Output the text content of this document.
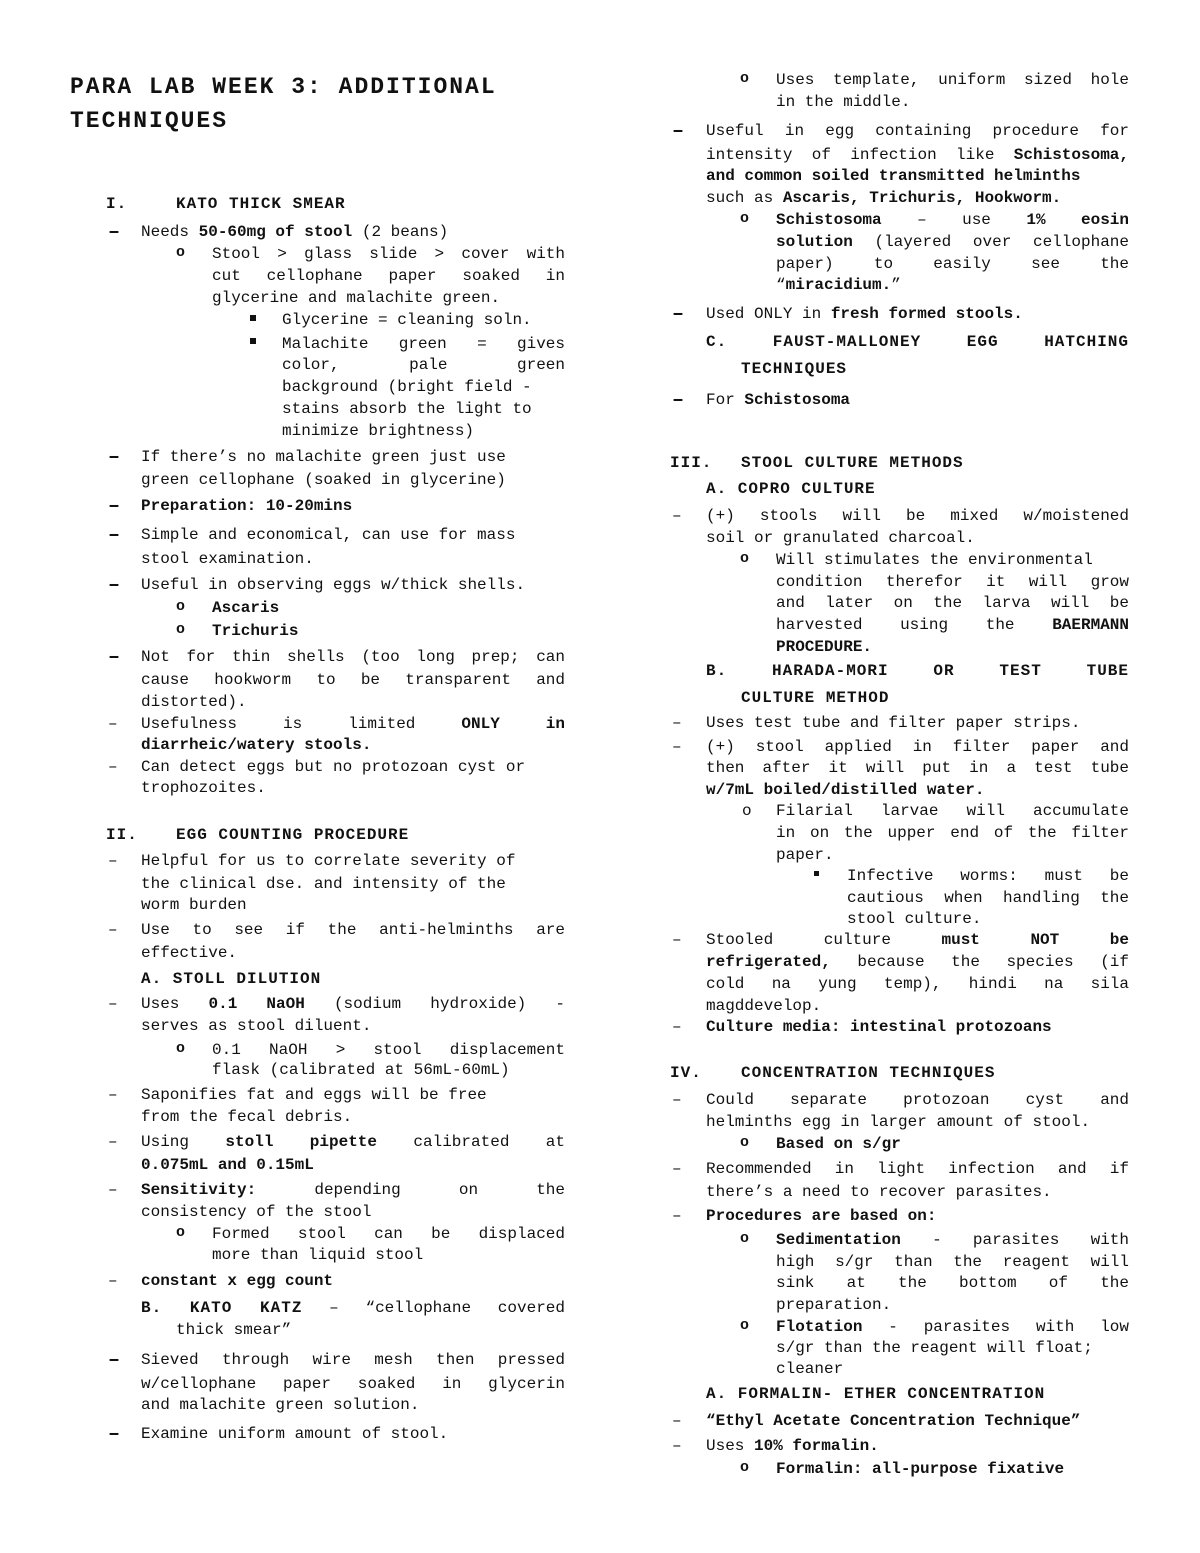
PARA LAB WEEK 3: ADDITIONAL
TECHNIQUES
I.	KATO THICK SMEAR
– Needs 50-60mg of stool (2 beans)
o Stool > glass slide > cover with
cut cellophane paper soaked in
glycerine and malachite green.
Glycerine = cleaning soln.
Malachite green = gives
color, pale green
background (bright field -
stains absorb the light to
minimize brightness)
– If there’s no malachite green just use
green cellophane (soaked in glycerine)
– Preparation: 10-20mins
– Simple and economical, can use for mass
stool examination.
– Useful in observing eggs w/thick shells.
o Ascaris
o Trichuris
– Not for thin shells (too long prep; can
cause hookworm to be transparent and
distorted).
– Usefulness is limited ONLY in
diarrheic/watery stools.
– Can detect eggs but no protozoan cyst or
trophozoites.
II. EGG COUNTING PROCEDURE
– Helpful for us to correlate severity of
the clinical dse. and intensity of the
worm burden
– Use to see if the anti-helminths are
effective.
A. STOLL DILUTION
– Uses 0.1 NaOH (sodium hydroxide) -
serves as stool diluent.
o 0.1 NaOH > stool displacement
flask (calibrated at 56mL-60mL)
– Saponifies fat and eggs will be free
from the fecal debris.
– Using stoll pipette calibrated at
0.075mL and 0.15mL
– Sensitivity: depending on the
consistency of the stool
o Formed stool can be displaced
more than liquid stool
– constant x egg count
B. KATO KATZ – “cellophane covered
thick smear”
– Sieved through wire mesh then pressed
w/cellophane paper soaked in glycerin
and malachite green solution.
– Examine uniform amount of stool.
o Uses template, uniform sized hole
in the middle.
– Useful in egg containing procedure for
intensity of infection like Schistosoma,
and common soiled transmitted helminths
such as Ascaris, Trichuris, Hookworm.
o Schistosoma – use 1% eosin
solution (layered over cellophane
paper) to easily see the
“miracidium.”
– Used ONLY in fresh formed stools.
C. FAUST-MALLONEY EGG HATCHING
TECHNIQUES
– For Schistosoma
III. STOOL CULTURE METHODS
A. COPRO CULTURE
– (+) stools will be mixed w/moistened
soil or granulated charcoal.
o Will stimulates the environmental
condition therefor it will grow
and later on the larva will be
harvested using the BAERMANN
PROCEDURE.
B. HARADA-MORI OR TEST TUBE
CULTURE METHOD
– Uses test tube and filter paper strips.
– (+) stool applied in filter paper and
then after it will put in a test tube
w/7mL boiled/distilled water.
o Filarial larvae will accumulate
in on the upper end of the filter
paper.
Infective worms: must be
cautious when handling the
stool culture.
– Stooled culture must NOT be
refrigerated, because the species (if
cold na yung temp), hindi na sila
magddevelop.
– Culture media: intestinal protozoans
IV. CONCENTRATION TECHNIQUES
– Could separate protozoan cyst and
helminths egg in larger amount of stool.
o Based on s/gr
– Recommended in light infection and if
there’s a need to recover parasites.
– Procedures are based on:
o Sedimentation - parasites with
high s/gr than the reagent will
sink at the bottom of the
preparation.
o Flotation - parasites with low
s/gr than the reagent will float;
cleaner
A. FORMALIN- ETHER CONCENTRATION
– “Ethyl Acetate Concentration Technique”
– Uses 10% formalin.
o Formalin: all-purpose fixative
